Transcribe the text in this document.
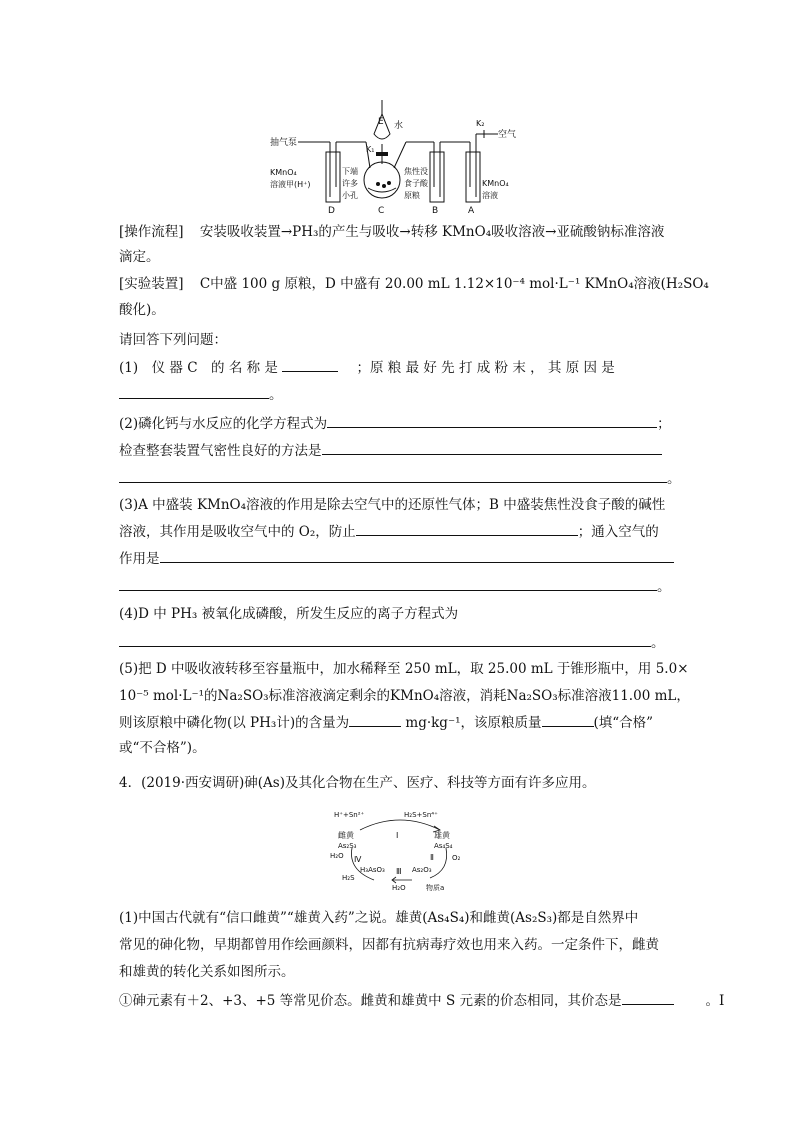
E 水
K₁
K₂
空气
抽气泵
KMnO₄
溶液甲(H⁺)
下端
许多
小孔
焦性没
食子酸
原粮
KMnO₄
溶液
D	C	B	A
[操作流程] 安装吸收装置→PH₃的产生与吸收→转移 KMnO₄吸收溶液→亚硫酸钠标准溶液
滴定。
[实验装置] C中盛 100 g 原粮，D 中盛有 20.00 mL 1.12×10⁻⁴ mol·L⁻¹ KMnO₄溶液(H₂SO₄
酸化)。
请回答下列问题：
(1)　仪 器 C　的 名 称 是	；原 粮 最 好 先 打 成 粉 末 ， 其 原 因 是
。
(2)磷化钙与水反应的化学方程式为	；
检查整套装置气密性良好的方法是
。
(3)A 中盛装 KMnO₄溶液的作用是除去空气中的还原性气体；B 中盛装焦性没食子酸的碱性
溶液，其作用是吸收空气中的 O₂，防止	；通入空气的
作用是
。
(4)D 中 PH₃ 被氧化成磷酸，所发生反应的离子方程式为
。
(5)把 D 中吸收液转移至容量瓶中，加水稀释至 250 mL，取 25.00 mL 于锥形瓶中，用 5.0×
10⁻⁵ mol·L⁻¹的Na₂SO₃标准溶液滴定剩余的KMnO₄溶液，消耗Na₂SO₃标准溶液11.00 mL，
则该原粮中磷化物(以 PH₃计)的含量为	mg·kg⁻¹，该原粮质量	(填“合格”
或“不合格”)。
4．(2019·西安调研)砷(As)及其化合物在生产、医疗、科技等方面有许多应用。
H⁺+Sn²⁺	H₂S+Sn⁴⁺
Ⅰ
雌黄
As₂S₃
H₂O Ⅳ
H₂S
H₃AsO₃ Ⅲ As₂O₃
H₂O
雄黄
As₄S₄
Ⅱ	O₂
物质a
(1)中国古代就有“信口雌黄”“雄黄入药”之说。雄黄(As₄S₄)和雌黄(As₂S₃)都是自然界中
常见的砷化物，早期都曾用作绘画颜料，因都有抗病毒疗效也用来入药。一定条件下，雌黄
和雄黄的转化关系如图所示。
①砷元素有＋2、+3、+5 等常见价态。雌黄和雄黄中 S 元素的价态相同，其价态是	。I
